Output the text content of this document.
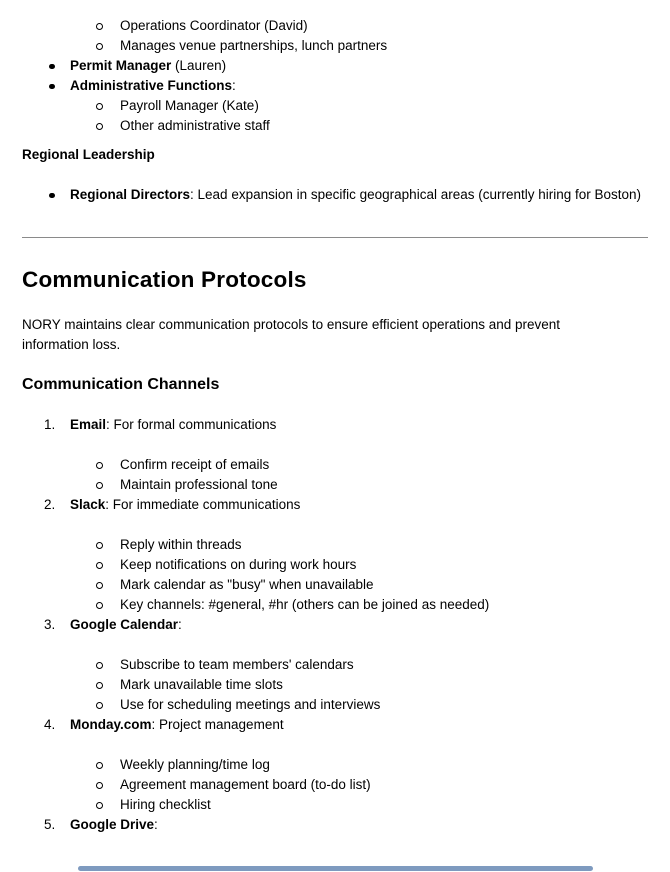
Operations Coordinator (David)
Manages venue partnerships, lunch partners
Permit Manager (Lauren)
Administrative Functions:
Payroll Manager (Kate)
Other administrative staff
Regional Leadership
Regional Directors: Lead expansion in specific geographical areas (currently hiring for Boston)
Communication Protocols

NORY maintains clear communication protocols to ensure efficient operations and prevent information loss.

Communication Channels
1. Email: For formal communications
Confirm receipt of emails
Maintain professional tone
2. Slack: For immediate communications
Reply within threads
Keep notifications on during work hours
Mark calendar as "busy" when unavailable
Key channels: #general, #hr (others can be joined as needed)
3. Google Calendar:
Subscribe to team members' calendars
Mark unavailable time slots
Use for scheduling meetings and interviews
4. Monday.com: Project management
Weekly planning/time log
Agreement management board (to-do list)
Hiring checklist
5. Google Drive:
